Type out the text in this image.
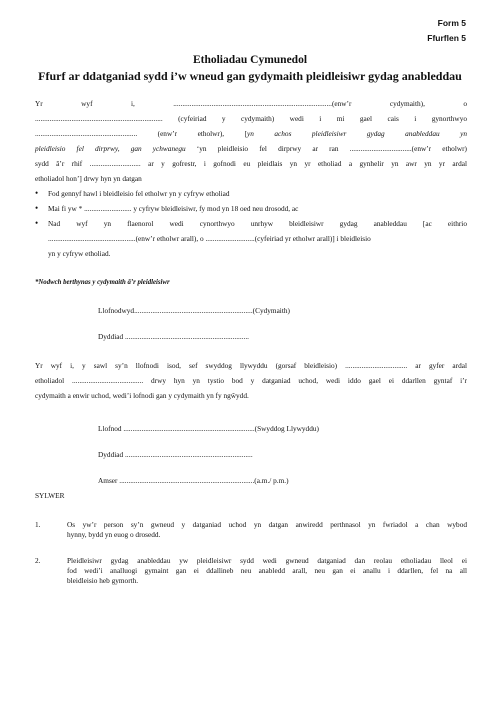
Form 5
Ffurflen 5
Etholiadau Cymunedol
Ffurf ar ddatganiad sydd i’w wneud gan gydymaith pleidleisiwr gydag anableddau
Yr wyf i, .......................................................................................(enw’r cydymaith), o
...................................................................... (cyfeiriad y cydymaith) wedi i mi gael cais i gynorthwyo
........................................................ (enw’r etholwr), [yn achos pleidleisiwr gydag anableddau yn
pleidleisio fel dirprwy, gan ychwanegu ‘yn pleidleisio fel dirprwy ar ran ..................................(enw’r etholwr)
sydd â’r rhif ............................ ar y gofrestr, i gofnodi eu pleidlais yn yr etholiad a gynhelir yn awr yn yr ardal
etholiadol hon’] drwy hyn yn datgan
• Fod gennyf hawl i bleidleisio fel etholwr yn y cyfryw etholiad
• Mai fi yw * .......................... y cyfryw bleidleisiwr, fy mod yn 18 oed neu drosodd, ac
• Nad wyf yn flaenorol wedi cynorthwyo unrhyw bleidleisiwr gydag anableddau [ac eithrio
................................................(enw’r etholwr arall), o ...........................(cyfeiriad yr etholwr arall)] i bleidleisio
yn y cyfryw etholiad.
*Nodwch berthynas y cydymaith â’r pleidleisiwr
Llofnodwyd.................................................................(Cydymaith)
Dyddiad ....................................................................
Yr wyf i, y sawl sy’n llofnodi isod, sef swyddog llywyddu (gorsaf bleidleisio) .................................. ar gyfer ardal
etholiadol ....................................... drwy hyn yn tystio bod y datganiad uchod, wedi iddo gael ei ddarllen gyntaf i’r
cydymaith a enwir uchod, wedi’i lofnodi gan y cydymaith yn fy ngŵydd.
Llofnod ........................................................................(Swyddog Llywyddu)
Dyddiad ......................................................................
Amser ..........................................................................(a.m./ p.m.)
SYLWER
1.	Os yw’r person sy’n gwneud y datganiad uchod yn datgan anwiredd perthnasol yn fwriadol a chan wybod
hynny, bydd yn euog o drosedd.
2.	Pleidleisiwr gydag anableddau yw pleidleisiwr sydd wedi gwneud datganiad dan reolau etholiadau lleol ei
fod wedi’i analluogi gymaint gan ei ddallineb neu anabledd arall, neu gan ei anallu i ddarllen, fel na all
bleidleisio heb gymorth.
